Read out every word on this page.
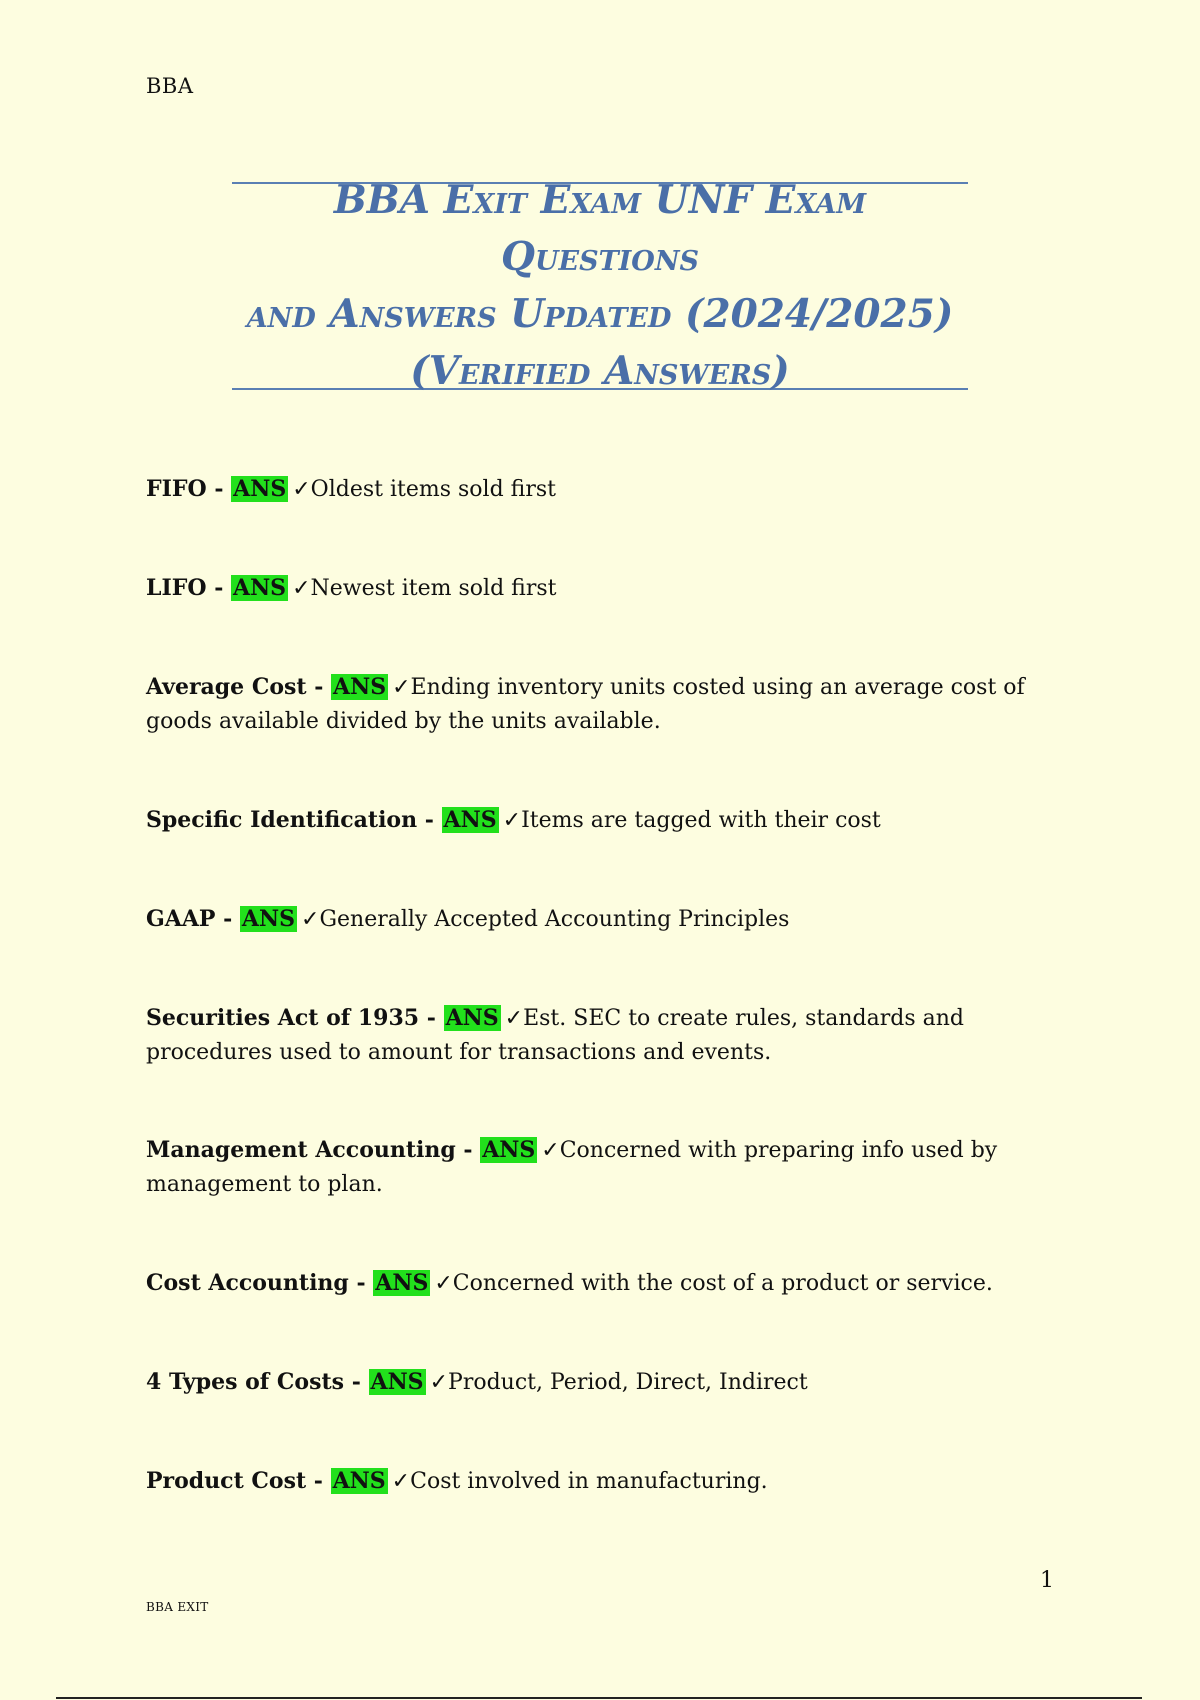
BBA
BBA Exit Exam UNF Exam Questions
and Answers Updated (2024/2025)
(Verified Answers)
FIFO - ANS ✓Oldest items sold first
LIFO - ANS ✓Newest item sold first
Average Cost - ANS ✓Ending inventory units costed using an average cost of goods available divided by the units available.
Specific Identification - ANS ✓Items are tagged with their cost
GAAP - ANS ✓Generally Accepted Accounting Principles
Securities Act of 1935 - ANS ✓Est. SEC to create rules, standards and procedures used to amount for transactions and events.
Management Accounting - ANS ✓Concerned with preparing info used by management to plan.
Cost Accounting - ANS ✓Concerned with the cost of a product or service.
4 Types of Costs - ANS ✓Product, Period, Direct, Indirect
Product Cost - ANS ✓Cost involved in manufacturing.
1
BBA EXIT
